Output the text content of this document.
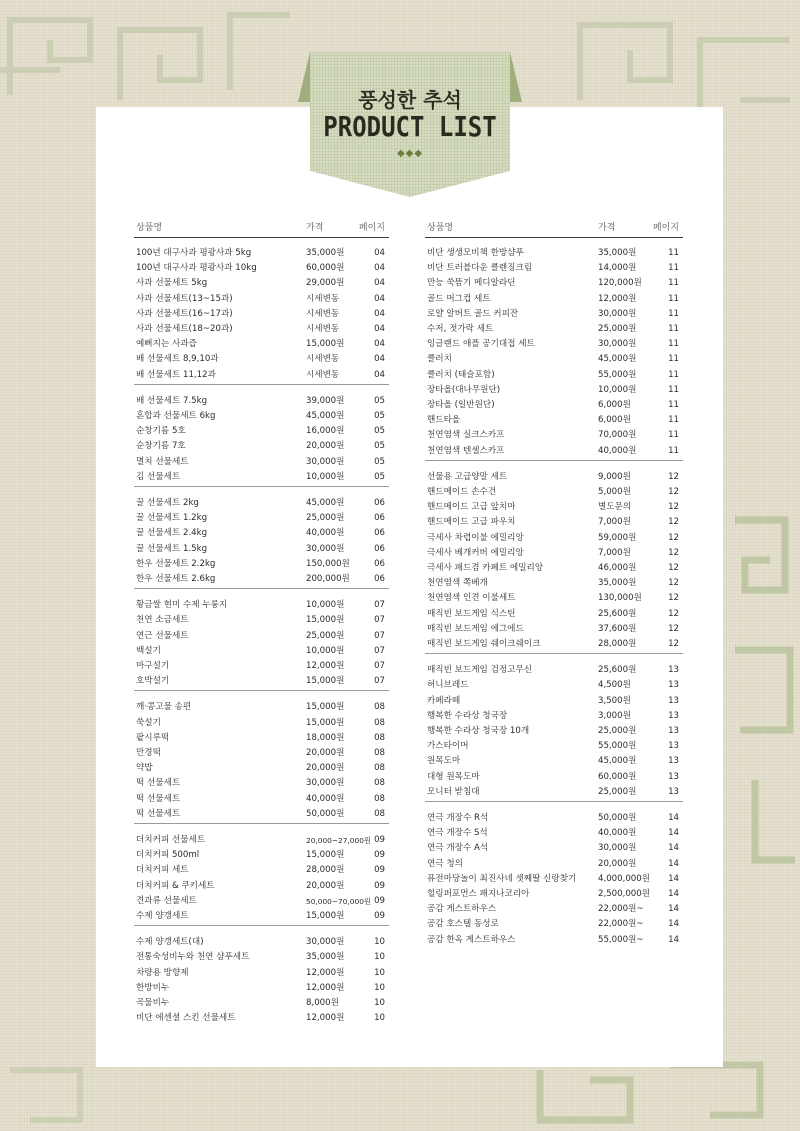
풍성한 추석
PRODUCT LIST
◆◆◆
상품명	가격	페이지
100년 대구사과 평광사과 5kg	35,000원	04
100년 대구사과 평광사과 10kg	60,000원	04
사과 선물세트 5kg	29,000원	04
사과 선물세트(13~15과)	시세변동	04
사과 선물세트(16~17과)	시세변동	04
사과 선물세트(18~20과)	시세변동	04
예뻐지는 사과즙	15,000원	04
배 선물세트 8,9,10과	시세변동	04
배 선물세트 11,12과	시세변동	04
배 선물세트 7.5kg	39,000원	05
혼합과 선물세트 6kg	45,000원	05
순창기름 5호	16,000원	05
순창기름 7호	20,000원	05
멸치 선물세트	30,000원	05
김 선물세트	10,000원	05
꿀 선물세트 2kg	45,000원	06
꿀 선물세트 1.2kg	25,000원	06
꿀 선물세트 2.4kg	40,000원	06
꿀 선물세트 1.5kg	30,000원	06
한우 선물세트 2.2kg	150,000원	06
한우 선물세트 2.6kg	200,000원	06
황금쌀 현미 수제 누룽지	10,000원	07
천연 소금세트	15,000원	07
연근 선물세트	25,000원	07
백설기	10,000원	07
마구설기	12,000원	07
호박설기	15,000원	07
깨·콩고물 송편	15,000원	08
쑥설기	15,000원	08
팥시루떡	18,000원	08
만경떡	20,000원	08
약밥	20,000원	08
떡 선물세트	30,000원	08
떡 선물세트	40,000원	08
떡 선물세트	50,000원	08
더치커피 선물세트	20,000~27,000원 09
더치커피 500ml	15,000원	09
더치커피 세트	28,000원	09
더치커피 & 쿠키세트	20,000원	09
견과류 선물세트	50,000~70,000원 09
수제 양갱세트	15,000원	09
수제 양갱세트(대)	30,000원	10
전통숙성비누와 천연 샴푸세트	35,000원	10
차량용 방향제	12,000원	10
한방비누	12,000원	10
곡물비누	8,000원	10
비단 에센셜 스킨 선물세트	12,000원	10
상품명	가격	페이지
비단 생생모비책 한방샴푸	35,000원	11
비단 트러블다운 클렌징크림	14,000원	11
만능 쑥뜸기 메디알라딘	120,000원	11
골드 머그컵 세트	12,000원	11
로얄 알버트 골드 커피잔	30,000원	11
수저, 젓가락 세트	25,000원	11
잉글랜드 애플 공기대접 세트	30,000원	11
클러치	45,000원	11
클러치 (태슬포함)	55,000원	11
장타올(대나무원단)	10,000원	11
장타올 (일반원단)	6,000원	11
핸드타올	6,000원	11
천연염색 실크스카프	70,000원	11
천연염색 텐셀스카프	40,000원	11
선물용 고급양말 세트	9,000원	12
핸드메이드 손수건	5,000원	12
핸드메이드 고급 앞치마	별도문의	12
핸드메이드 고급 파우치	7,000원	12
극세사 차렵이불 에밀리앙	59,000원	12
극세사 베개커버 에밀리앙	7,000원	12
극세사 패드겸 카페트 에밀리앙	46,000원	12
천연염색 쪽베개	35,000원	12
천연염색 인견 이불세트	130,000원	12
매직빈 보드게임 식스틴	25,600원	12
매직빈 보드게임 에그에드	37,600원	12
매직빈 보드게임 쉐이크쉐이크	28,000원	12
매직빈 보드게임 검정고무신	25,600원	13
허니브레드	4,500원	13
카페라떼	3,500원	13
행복한 수라상 청국장	3,000원	13
행복한 수라상 청국장 10개	25,000원	13
가스타이머	55,000원	13
원목도마	45,000원	13
대형 원목도마	60,000원	13
모니터 받침대	25,000원	13
연극 개장수 R석	50,000원	14
연극 개장수 S석	40,000원	14
연극 개장수 A석	30,000원	14
연극 청의	20,000원	14
퓨전마당놀이 최진사네 셋째딸 신랑찾기	4,000,000원 14
힐링퍼포먼스 패지나코리아	2,500,000원 14
공감 게스트하우스	22,000원~	14
공감 호스텔 동성로	22,000원~	14
공감 한옥 게스트하우스	55,000원~	14
